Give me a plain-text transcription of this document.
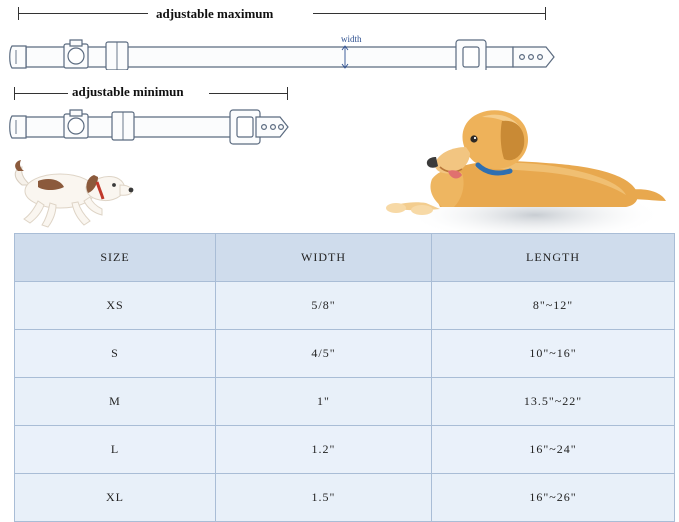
adjustable maximum
adjustable minimun
width
SIZE	WIDTH	LENGTH
XS	5/8"	8"~12"
S	4/5"	10"~16"
M	1"	13.5"~22"
L	1.2"	16"~24"
XL	1.5"	16"~26"
